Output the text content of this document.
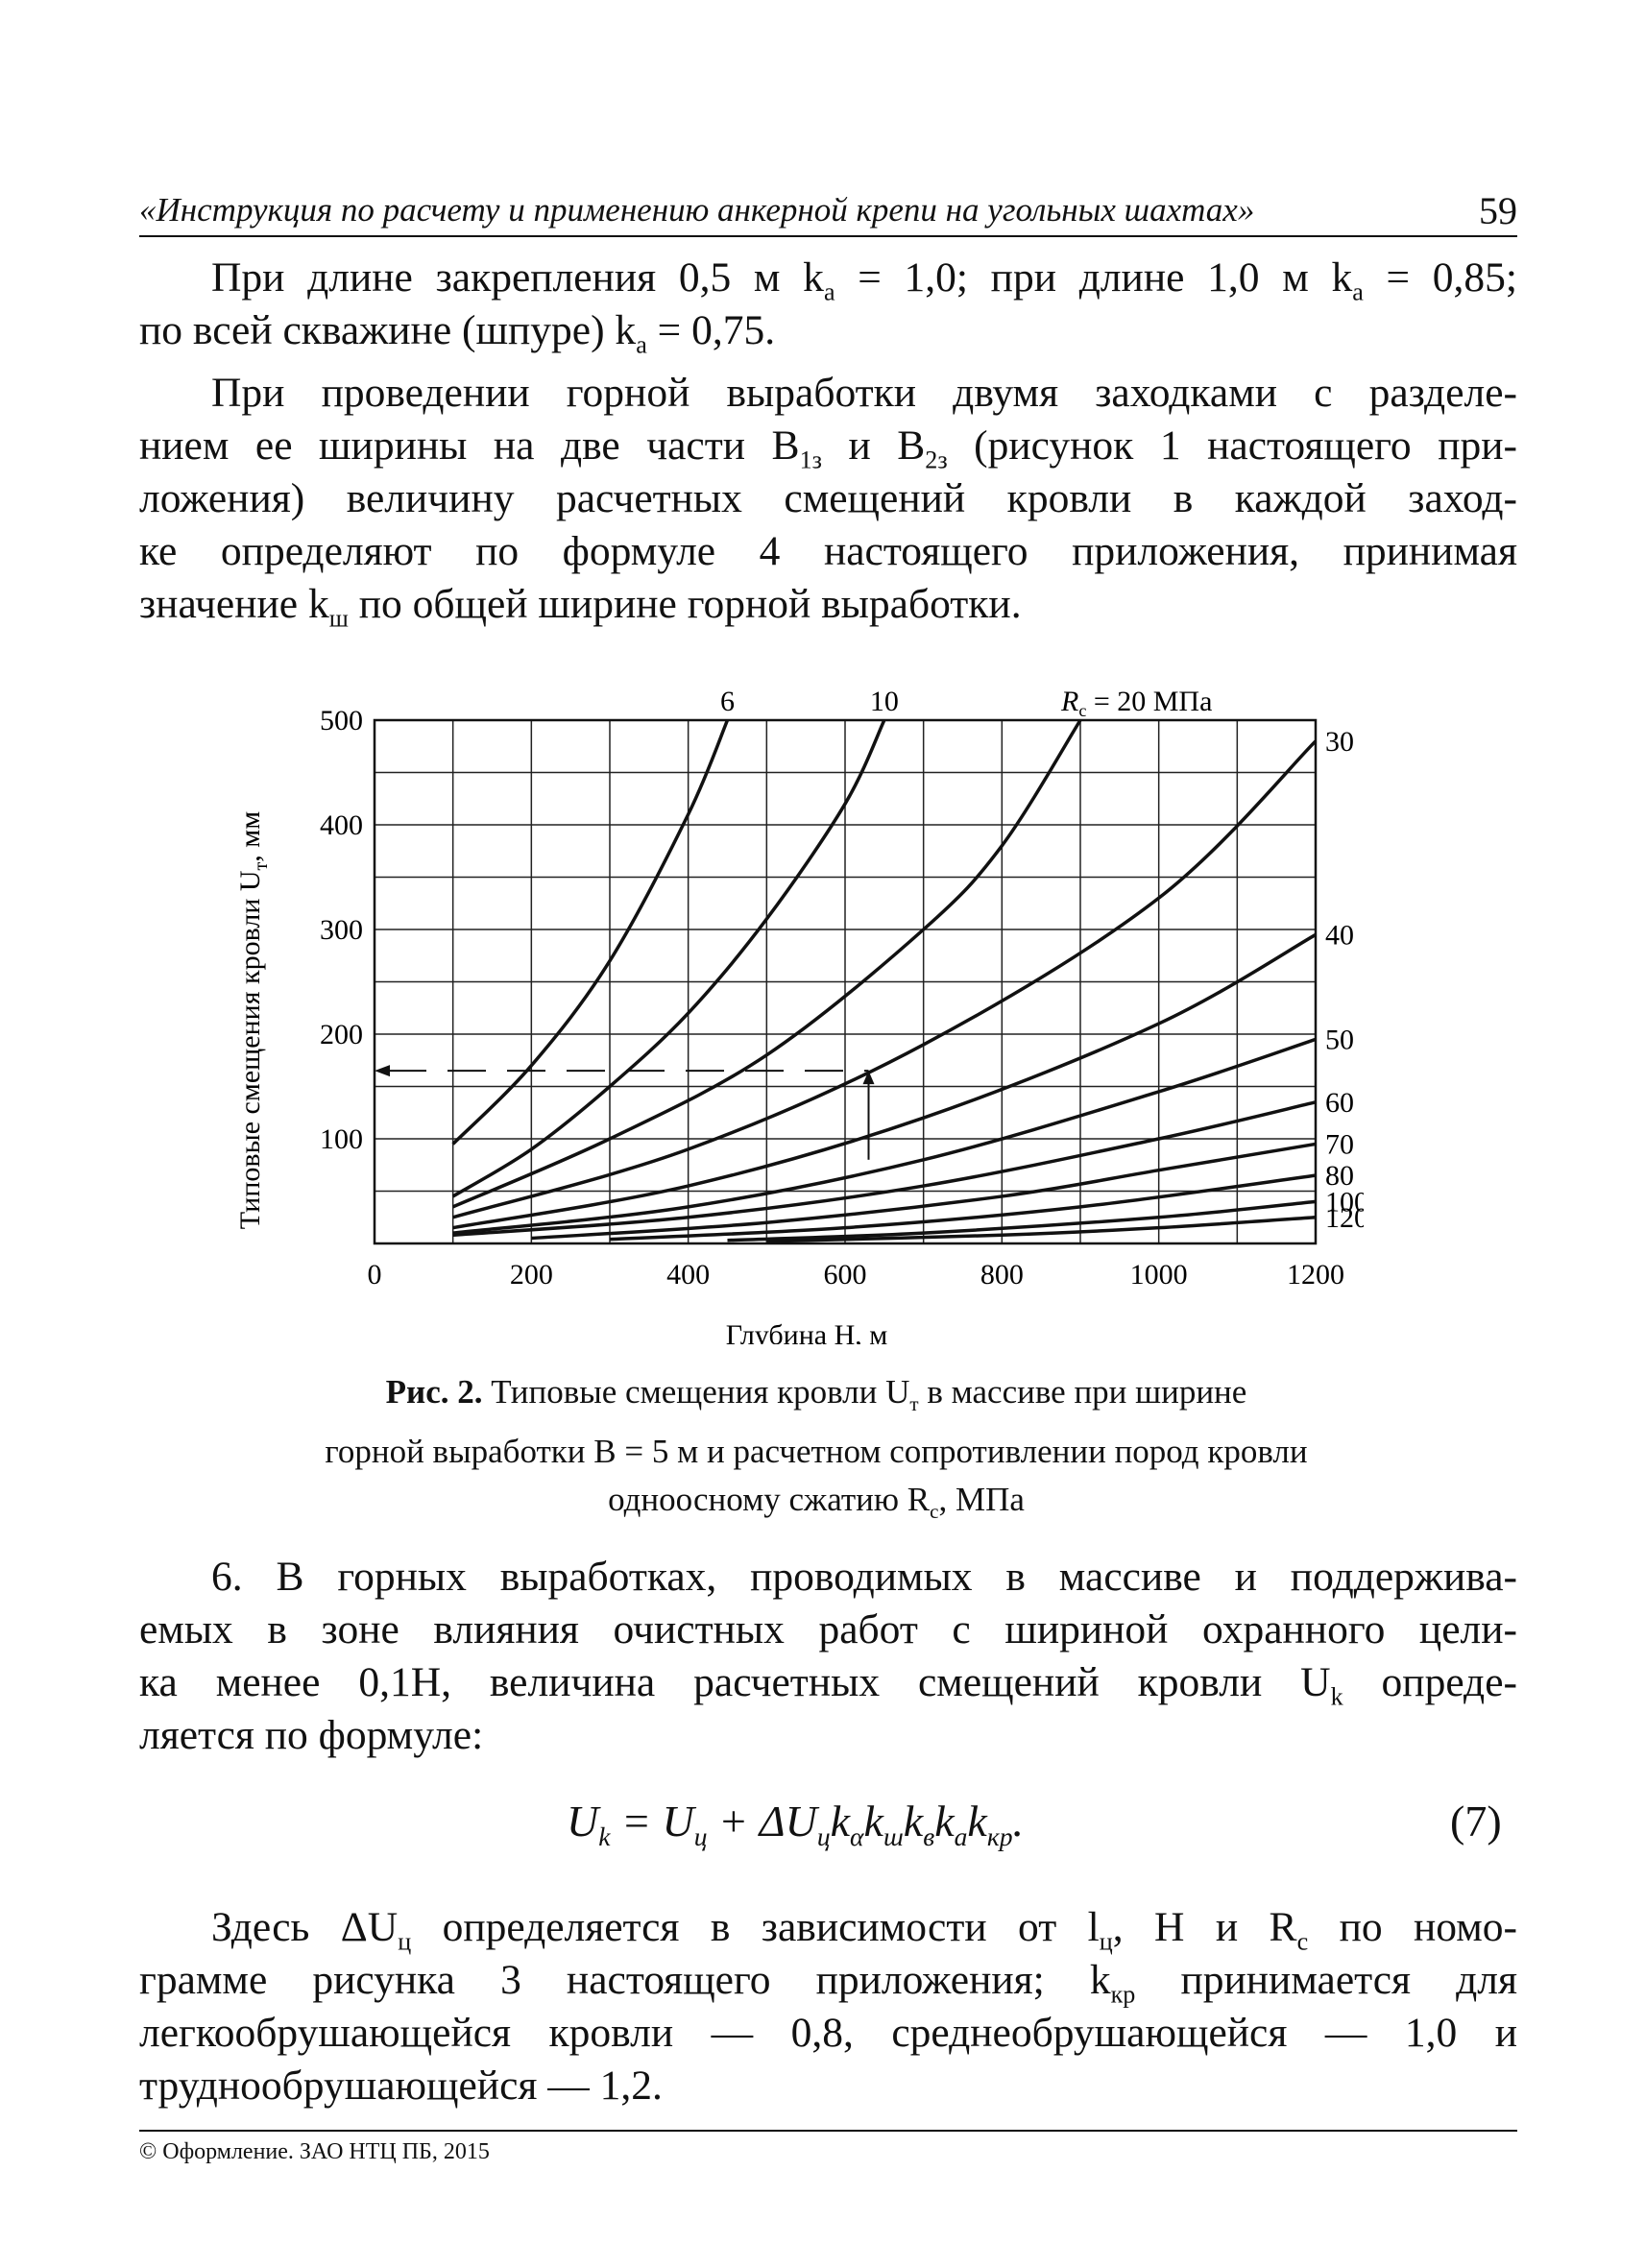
«Инструкция по расчету и применению анкерной крепи на угольных шахтах»	59
При длине закрепления 0,5 м $k_а = 1,0$; при длине 1,0 м $k_а = 0,85$;
по всей скважине (шпуре) $k_а = 0,75$.
При проведении горной выработки двумя заходками с разделе-
нием ее ширины на две части $B_{1з}$ и $B_{2з}$ (рисунок 1 настоящего при-
ложения) величину расчетных смещений кровли в каждой заход-
ке определяют по формуле 4 настоящего приложения, принимая
значение $k_ш$ по общей ширине горной выработки.
0	200	400	600	800	1000	1200
100
200
300
400
500
Глубина H, м
Типовые смещения кровли $U_т$, мм
6	10	$R_с = 20$ МПа
30
40
50
60
70
80
100
120
Рис. 2. Типовые смещения кровли $U_т$ в массиве при ширине
горной выработки B = 5 м и расчетном сопротивлении пород кровли
одноосному сжатию $R_с$, МПа
6. В горных выработках, проводимых в массиве и поддержива-
емых в зоне влияния очистных работ с шириной охранного цели-
ка менее 0,1H, величина расчетных смещений кровли $U_k$ опреде-
ляется по формуле:
$U_k = U_ц + \Delta U_цk_\alpha k_шk_вk_аk_{кр}$.	(7)
Здесь $\Delta U_ц$ определяется в зависимости от $l_ц$, H и $R_с$ по номо-
грамме рисунка 3 настоящего приложения; $k_{кр}$ принимается для
легкообрушающейся кровли — 0,8, среднеобрушающейся — 1,0 и
труднообрушающейся — 1,2.
© Оформление. ЗАО НТЦ ПБ, 2015
